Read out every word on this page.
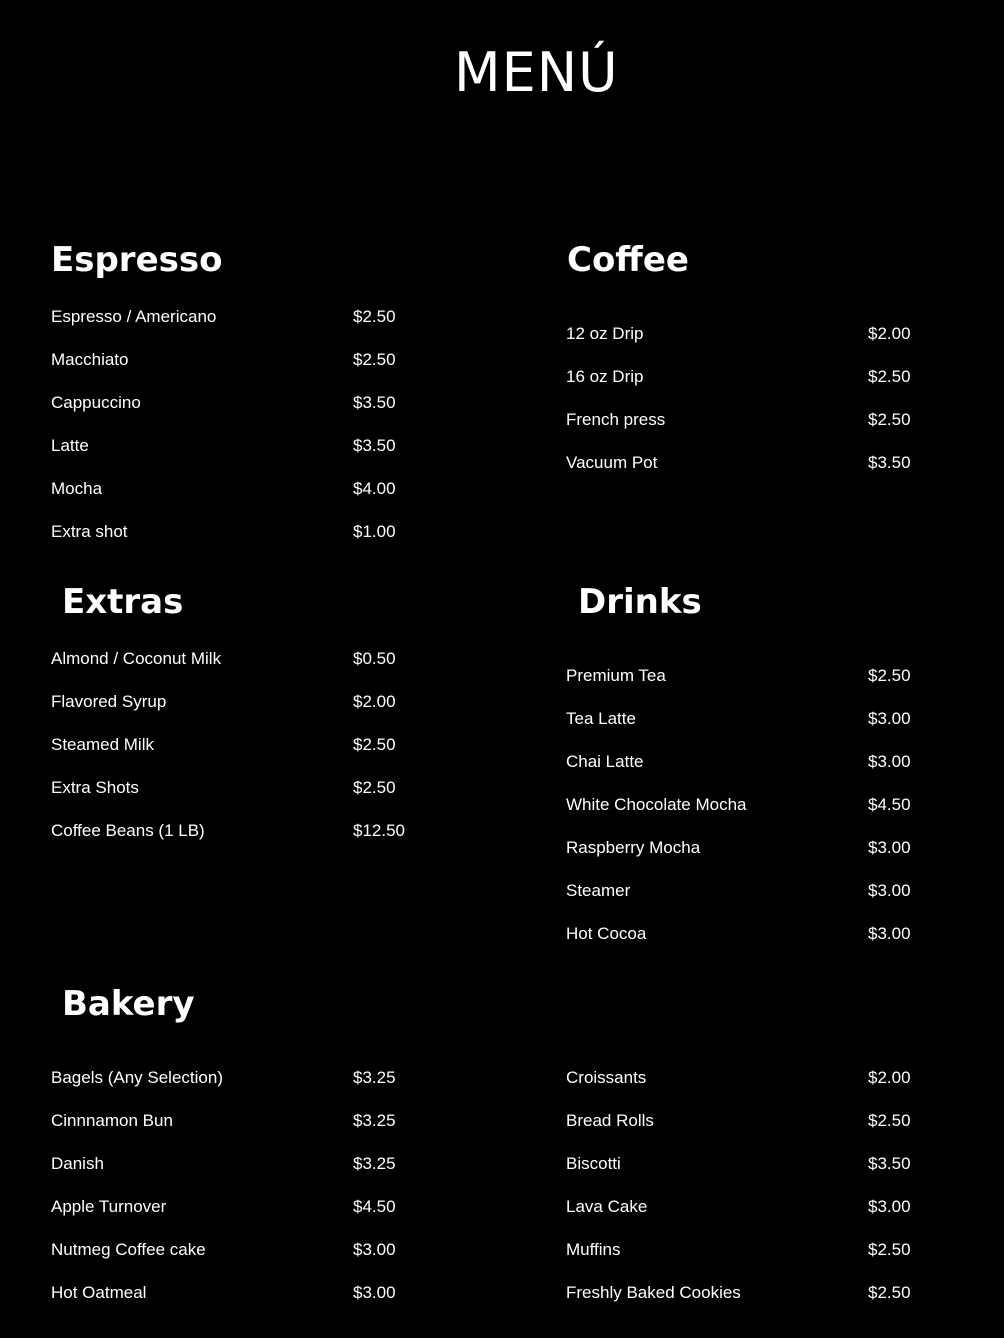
MENÚ
Espresso
Espresso / Americano	$2.50
Macchiato	$2.50
Cappuccino	$3.50
Latte	$3.50
Mocha	$4.00
Extra shot	$1.00
Coffee
12 oz Drip	$2.00
16 oz Drip	$2.50
French press	$2.50
Vacuum Pot	$3.50
Extras
Almond / Coconut Milk	$0.50
Flavored Syrup	$2.00
Steamed Milk	$2.50
Extra Shots	$2.50
Coffee Beans (1 LB)	$12.50
Drinks
Premium Tea	$2.50
Tea Latte	$3.00
Chai Latte	$3.00
White Chocolate Mocha	$4.50
Raspberry Mocha	$3.00
Steamer	$3.00
Hot Cocoa	$3.00
Bakery
Bagels (Any Selection)	$3.25
Cinnnamon Bun	$3.25
Danish	$3.25
Apple Turnover	$4.50
Nutmeg Coffee cake	$3.00
Hot Oatmeal	$3.00
Croissants	$2.00
Bread Rolls	$2.50
Biscotti	$3.50
Lava Cake	$3.00
Muffins	$2.50
Freshly Baked Cookies	$2.50
